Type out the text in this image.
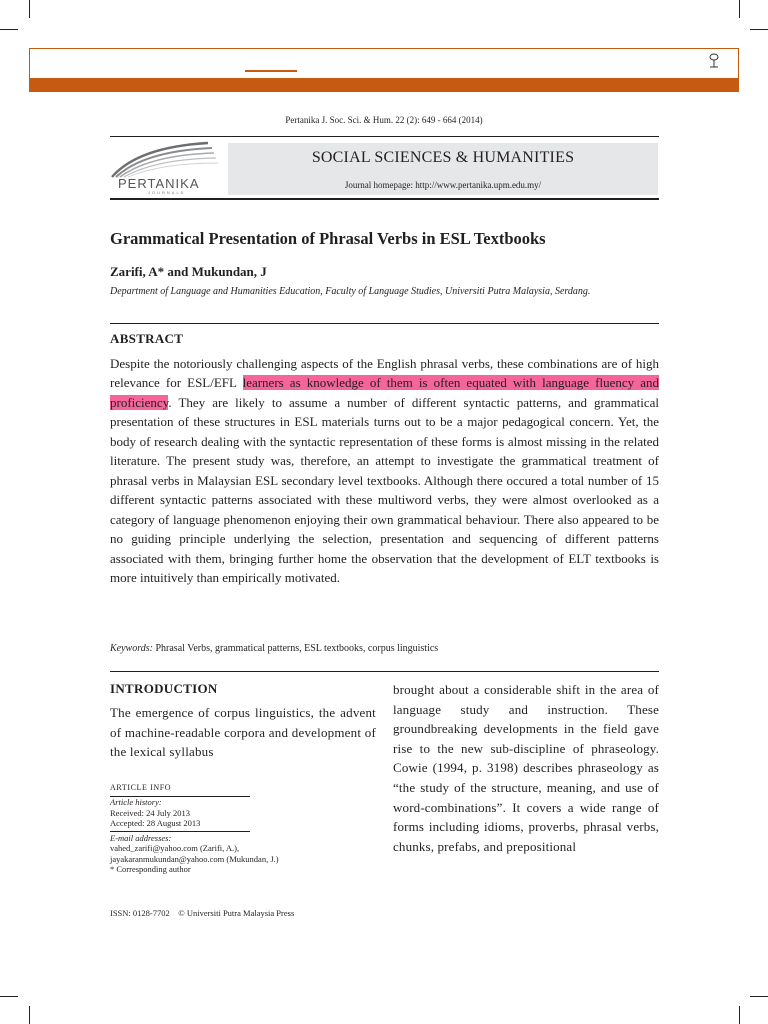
Pertanika J. Soc. Sci. & Hum. 22 (2): 649 - 664 (2014)
PERTANIKA
JOURNALS
SOCIAL SCIENCES & HUMANITIES
Journal homepage: http://www.pertanika.upm.edu.my/
Grammatical Presentation of Phrasal Verbs in ESL Textbooks
Zarifi, A* and Mukundan, J
Department of Language and Humanities Education, Faculty of Language Studies, Universiti Putra Malaysia, Serdang.
ABSTRACT
Despite the notoriously challenging aspects of the English phrasal verbs, these combinations are of high relevance for ESL/EFL learners as knowledge of them is often equated with language fluency and proficiency. They are likely to assume a number of different syntactic patterns, and grammatical presentation of these structures in ESL materials turns out to be a major pedagogical concern. Yet, the body of research dealing with the syntactic representation of these forms is almost missing in the related literature. The present study was, therefore, an attempt to investigate the grammatical treatment of phrasal verbs in Malaysian ESL secondary level textbooks. Although there occured a total number of 15 different syntactic patterns associated with these multiword verbs, they were almost overlooked as a category of language phenomenon enjoying their own grammatical behaviour. There also appeared to be no guiding principle underlying the selection, presentation and sequencing of different patterns associated with them, bringing further home the observation that the development of ELT textbooks is more intuitively than empirically motivated.
Keywords: Phrasal Verbs, grammatical patterns, ESL textbooks, corpus linguistics
INTRODUCTION
The emergence of corpus linguistics, the advent of machine-readable corpora and development of the lexical syllabus
brought about a considerable shift in the area of language study and instruction. These groundbreaking developments in the field gave rise to the new sub-discipline of phraseology. Cowie (1994, p. 3198) describes phraseology as “the study of the structure, meaning, and use of word-combinations”. It covers a wide range of forms including idioms, proverbs, phrasal verbs, chunks, prefabs, and prepositional
ARTICLE INFO
Article history:
Received: 24 July 2013
Accepted: 28 August 2013
E-mail addresses:
vahed_zarifi@yahoo.com (Zarifi, A.),
jayakaranmukundan@yahoo.com (Mukundan, J.)
* Corresponding author
ISSN: 0128-7702 © Universiti Putra Malaysia Press
